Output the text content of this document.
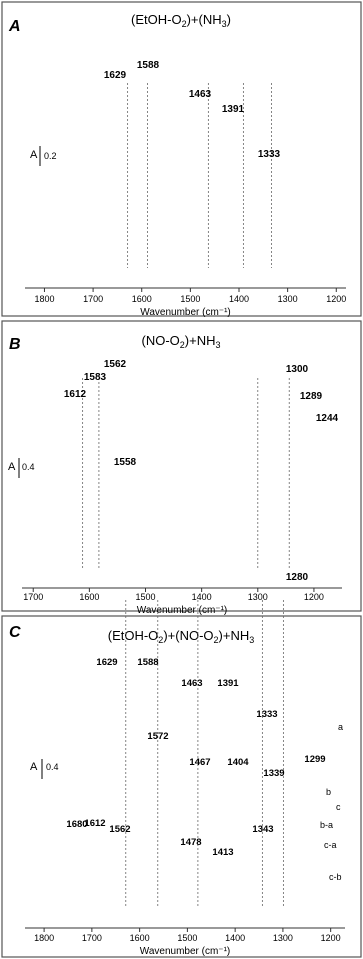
A
B
C
$(EtOH-O_2)+(NH_3)$
$(NO-O_2)+NH_3$
$(EtOH-O_2)+(NO-O_2)+NH_3$
1800	1700	1600	1500	1400	1300	1200
Wavenumber (cm⁻¹)
1629
1588
1463
1391
1333
A 0.2
1700	1600	1500	1400	1300	1200
Wavenumber (cm⁻¹)
1612
1583
1562
1558
1300
1289
1244
1280
A 0.4
1800	1700	1600	1500	1400	1300	1200
Wavenumber (cm⁻¹)
1629 1588
1463 1391
1333
1572
1467 1404
1339
1299
1680
1612
1562
1478
1413
1343
a
b
c
b-a
c-a
c-b
A 0.4
